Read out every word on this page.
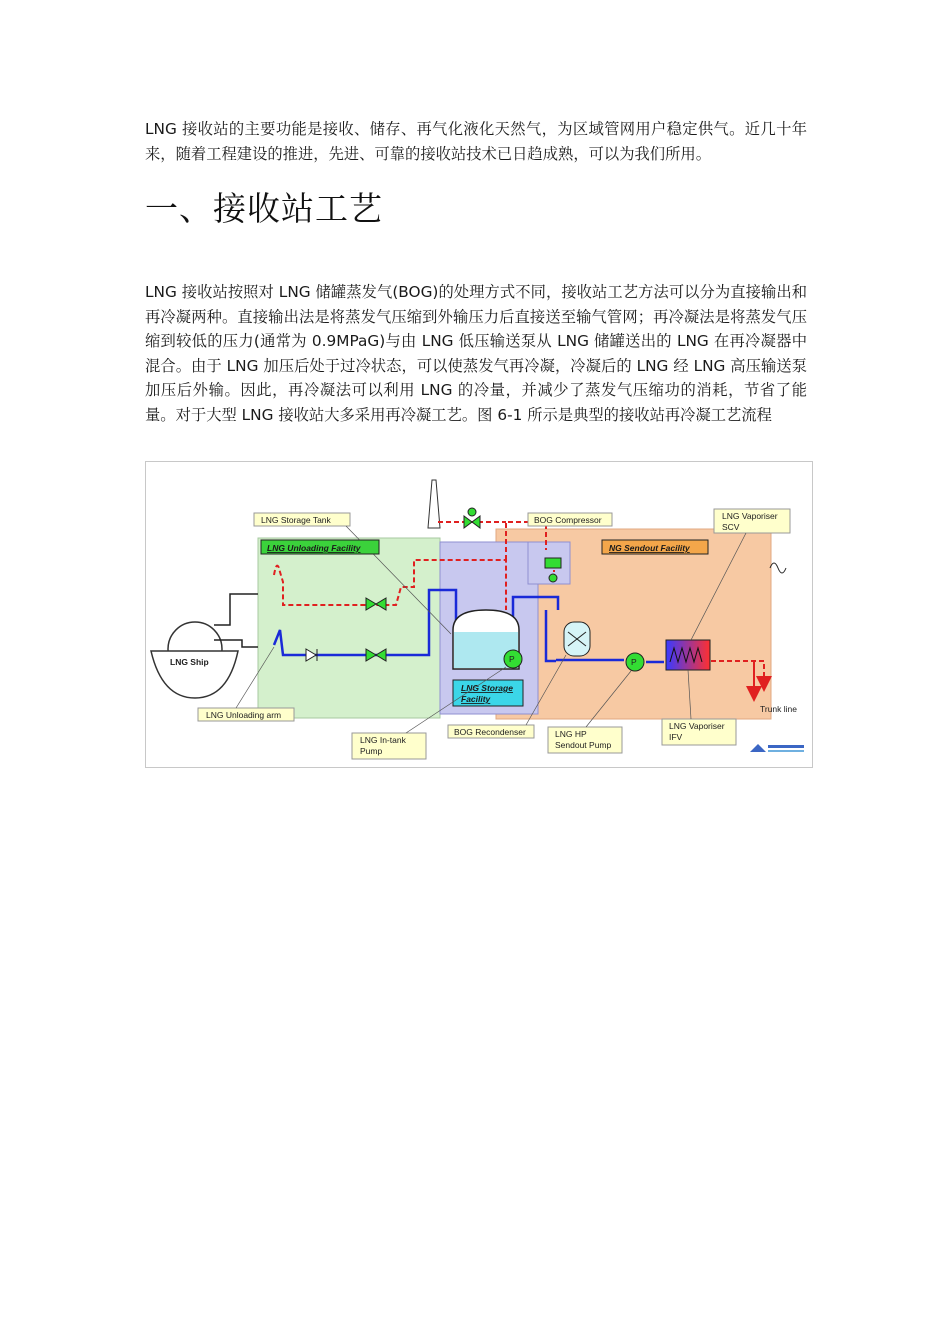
LNG 接收站的主要功能是接收、储存、再气化液化天然气，为区域管网用户稳定供气。近几十年来，随着工程建设的推进，先进、可靠的接收站技术已日趋成熟，可以为我们所用。

一、接收站工艺

LNG 接收站按照对 LNG 储罐蒸发气(BOG)的处理方式不同，接收站工艺方法可以分为直接输出和再冷凝两种。直接输出法是将蒸发气压缩到外输压力后直接送至输气管网；再冷凝法是将蒸发气压缩到较低的压力(通常为 0.9MPaG)与由 LNG 低压输送泵从 LNG 储罐送出的 LNG 在再冷凝器中混合。由于 LNG 加压后处于过冷状态，可以使蒸发气再冷凝，冷凝后的 LNG 经 LNG 高压输送泵加压后外输。因此，再冷凝法可以利用 LNG 的冷量，并减少了蒸发气压缩功的消耗，节省了能量。对于大型 LNG 接收站大多采用再冷凝工艺。图 6-1 所示是典型的接收站再冷凝工艺流程

LNG Ship	P	P
LNG Storage Tank
LNG Unloading Facility
BOG Compressor
NG Sendout Facility
LNG Vaporiser SCV
LNG Unloading arm
LNG Storage Facility
LNG In-tank Pump
BOG Recondenser	LNG HP Sendout Pump
LNG Vaporiser IFV
Trunk line
